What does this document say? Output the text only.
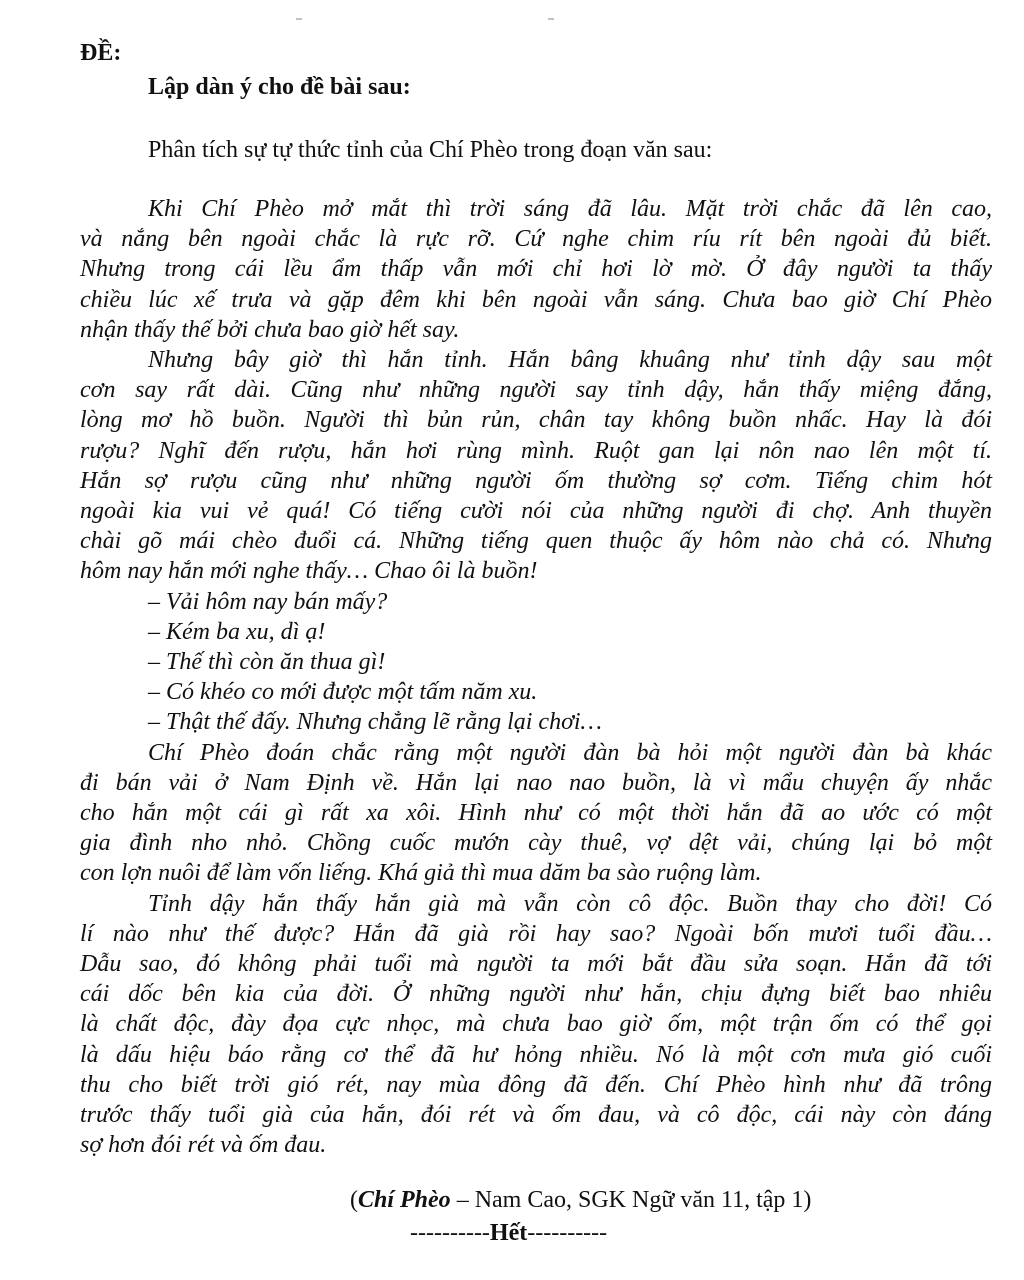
ĐỀ:
Lập dàn ý cho đề bài sau:
Phân tích sự tự thức tỉnh của Chí Phèo trong đoạn văn sau:
Khi Chí Phèo mở mắt thì trời sáng đã lâu. Mặt trời chắc đã lên cao,
và nắng bên ngoài chắc là rực rỡ. Cứ nghe chim ríu rít bên ngoài đủ biết.
Nhưng trong cái lều ẩm thấp vẫn mới chỉ hơi lờ mờ. Ở đây người ta thấy
chiều lúc xế trưa và gặp đêm khi bên ngoài vẫn sáng. Chưa bao giờ Chí Phèo
nhận thấy thế bởi chưa bao giờ hết say.
Nhưng bây giờ thì hắn tỉnh. Hắn bâng khuâng như tỉnh dậy sau một
cơn say rất dài. Cũng như những người say tỉnh dậy, hắn thấy miệng đắng,
lòng mơ hồ buồn. Người thì bủn rủn, chân tay không buồn nhấc. Hay là đói
rượu? Nghĩ đến rượu, hắn hơi rùng mình. Ruột gan lại nôn nao lên một tí.
Hắn sợ rượu cũng như những người ốm thường sợ cơm. Tiếng chim hót
ngoài kia vui vẻ quá! Có tiếng cười nói của những người đi chợ. Anh thuyền
chài gõ mái chèo đuổi cá. Những tiếng quen thuộc ấy hôm nào chả có. Nhưng
hôm nay hắn mới nghe thấy… Chao ôi là buồn!
– Vải hôm nay bán mấy?
– Kém ba xu, dì ạ!
– Thế thì còn ăn thua gì!
– Có khéo co mới được một tấm năm xu.
– Thật thế đấy. Nhưng chẳng lẽ rằng lại chơi…
Chí Phèo đoán chắc rằng một người đàn bà hỏi một người đàn bà khác
đi bán vải ở Nam Định về. Hắn lại nao nao buồn, là vì mẩu chuyện ấy nhắc
cho hắn một cái gì rất xa xôi. Hình như có một thời hắn đã ao ước có một
gia đình nho nhỏ. Chồng cuốc mướn cày thuê, vợ dệt vải, chúng lại bỏ một
con lợn nuôi để làm vốn liếng. Khá giả thì mua dăm ba sào ruộng làm.
Tỉnh dậy hắn thấy hắn già mà vẫn còn cô độc. Buồn thay cho đời! Có
lí nào như thế được? Hắn đã già rồi hay sao? Ngoài bốn mươi tuổi đầu…
Dẫu sao, đó không phải tuổi mà người ta mới bắt đầu sửa soạn. Hắn đã tới
cái dốc bên kia của đời. Ở những người như hắn, chịu đựng biết bao nhiêu
là chất độc, đày đọa cực nhọc, mà chưa bao giờ ốm, một trận ốm có thể gọi
là dấu hiệu báo rằng cơ thể đã hư hỏng nhiều. Nó là một cơn mưa gió cuối
thu cho biết trời gió rét, nay mùa đông đã đến. Chí Phèo hình như đã trông
trước thấy tuổi già của hắn, đói rét và ốm đau, và cô độc, cái này còn đáng
sợ hơn đói rét và ốm đau.
(Chí Phèo – Nam Cao, SGK Ngữ văn 11, tập 1)
----------Hết----------
